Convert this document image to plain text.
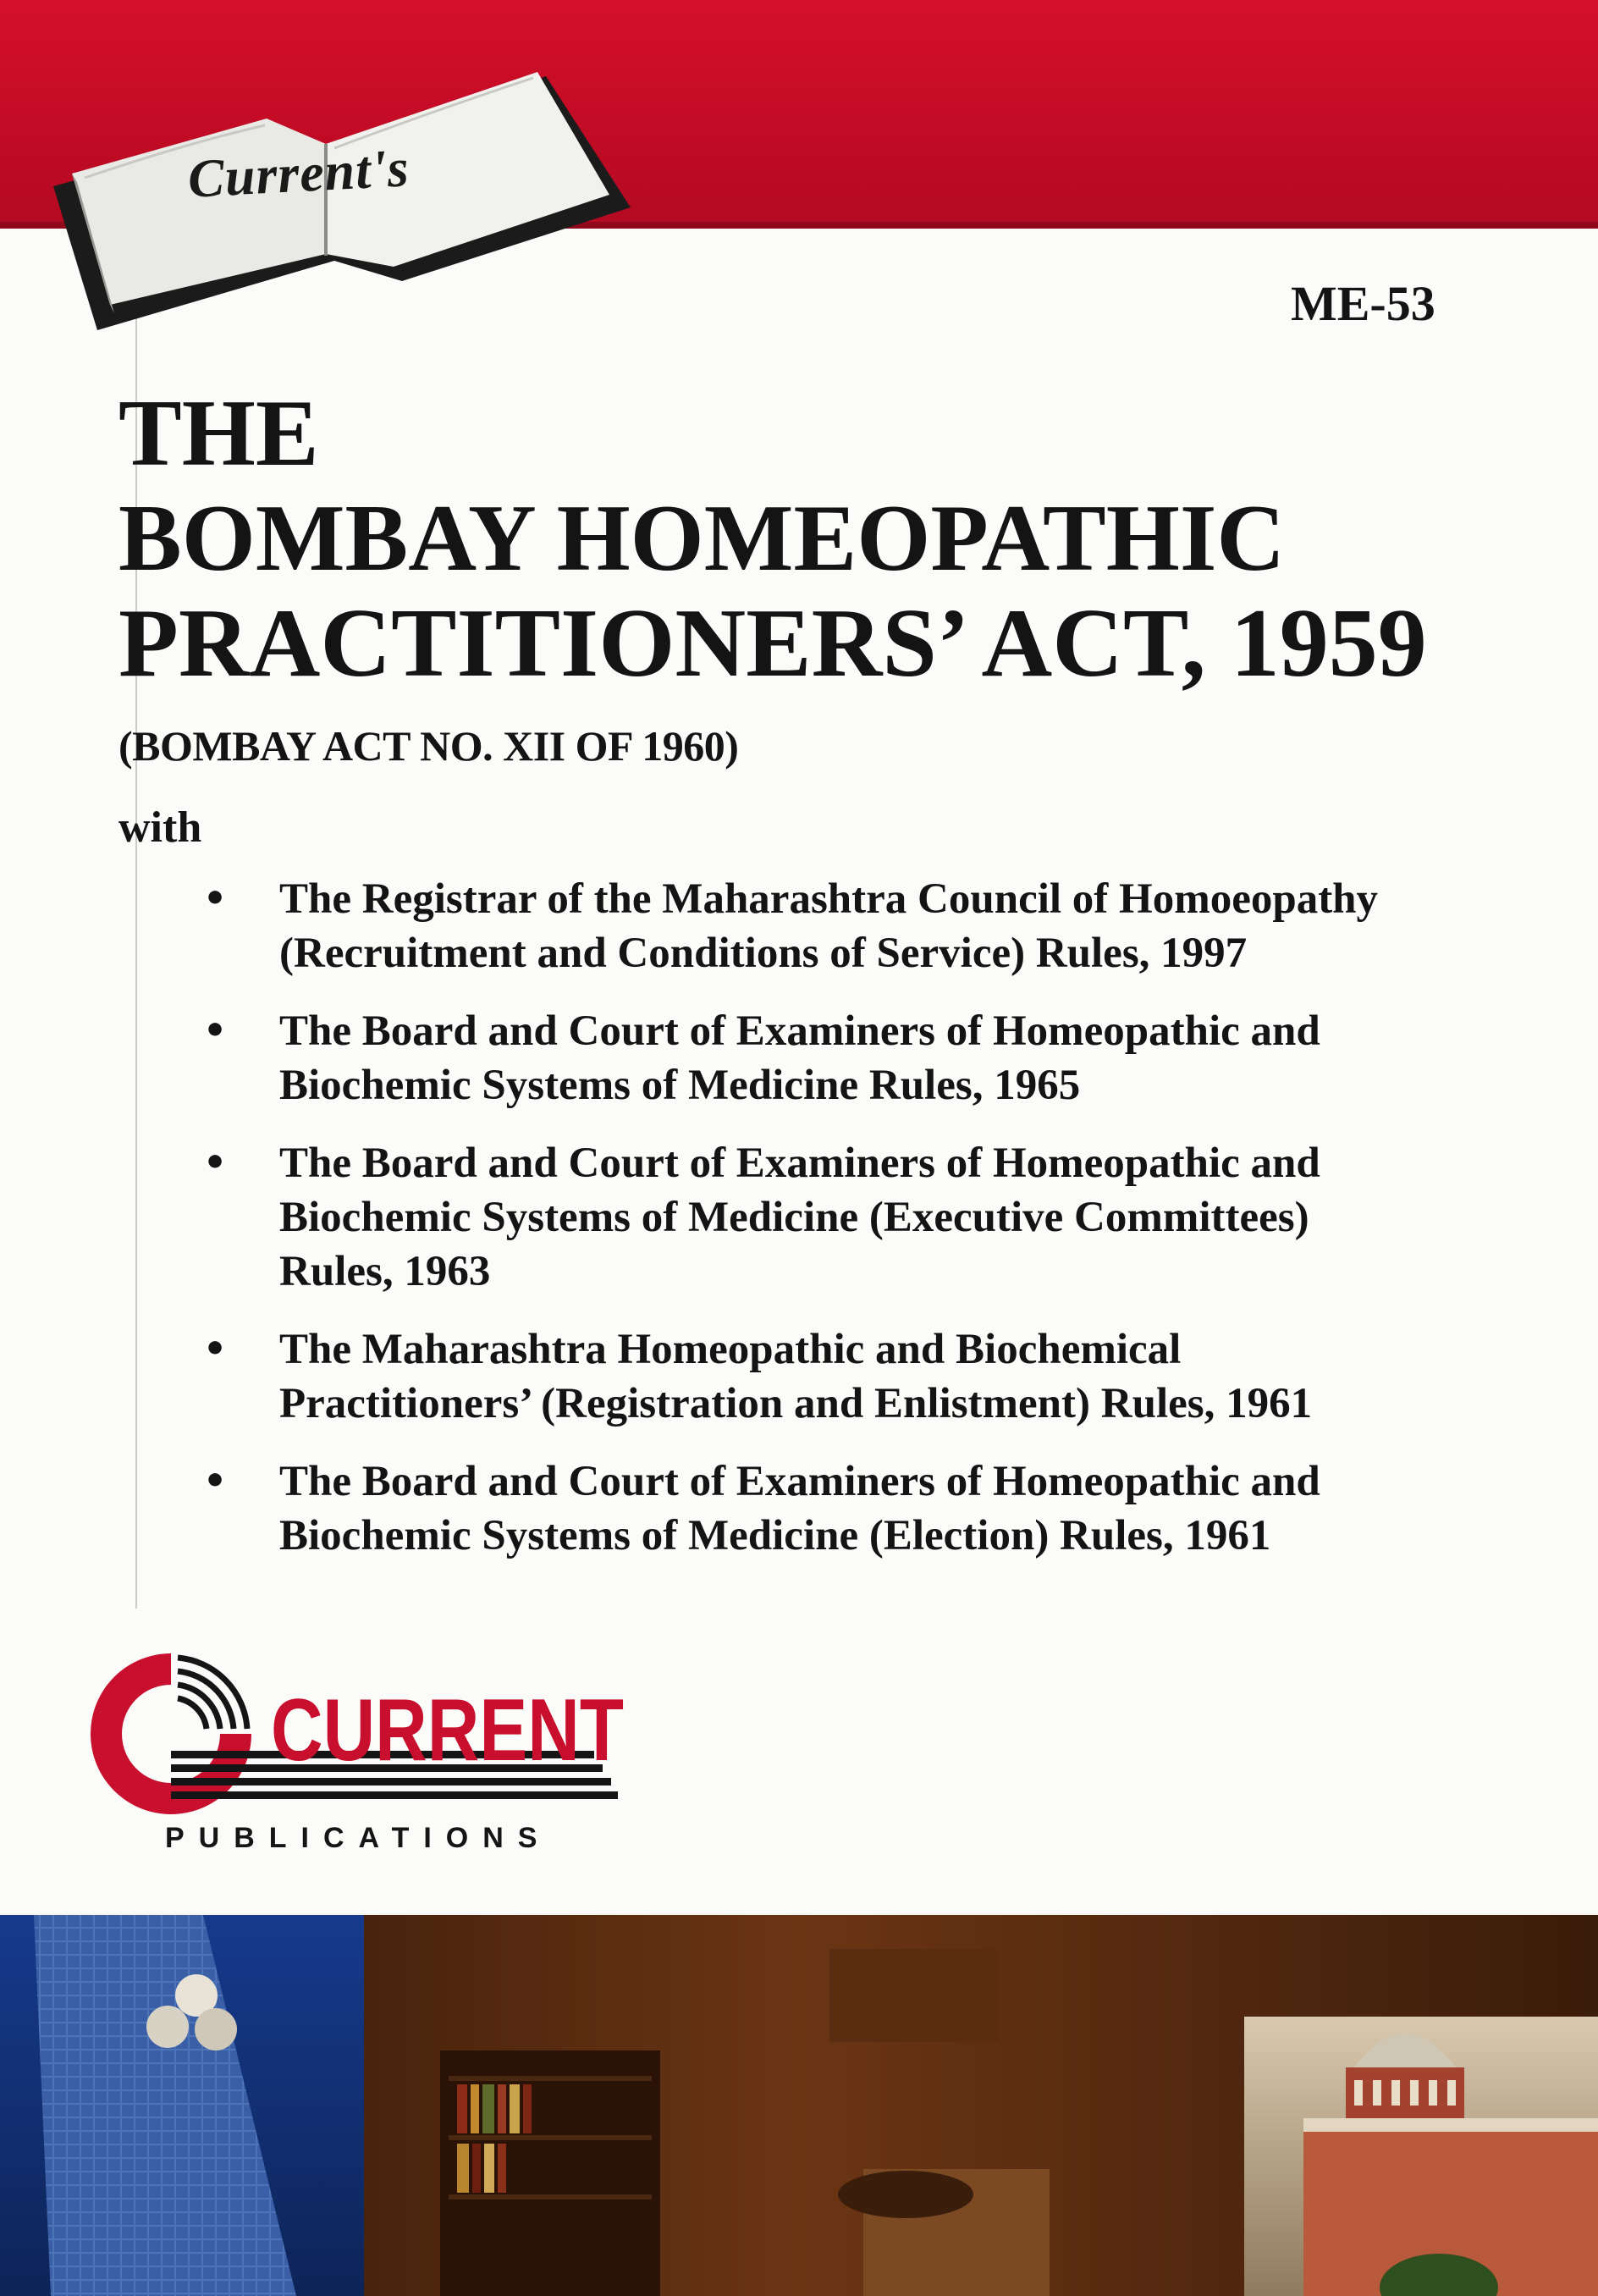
Current's
ME-53
THE
BOMBAY HOMEOPATHIC
PRACTITIONERS’ ACT, 1959
(BOMBAY ACT NO. XII OF 1960)
with
• The Registrar of the Maharashtra Council of Homoeopathy
(Recruitment and Conditions of Service) Rules, 1997
• The Board and Court of Examiners of Homeopathic and
Biochemic Systems of Medicine Rules, 1965
• The Board and Court of Examiners of Homeopathic and
Biochemic Systems of Medicine (Executive Committees)
Rules, 1963
• The Maharashtra Homeopathic and Biochemical
Practitioners’ (Registration and Enlistment) Rules, 1961
• The Board and Court of Examiners of Homeopathic and
Biochemic Systems of Medicine (Election) Rules, 1961
CURRENT
PUBLICATIONS
